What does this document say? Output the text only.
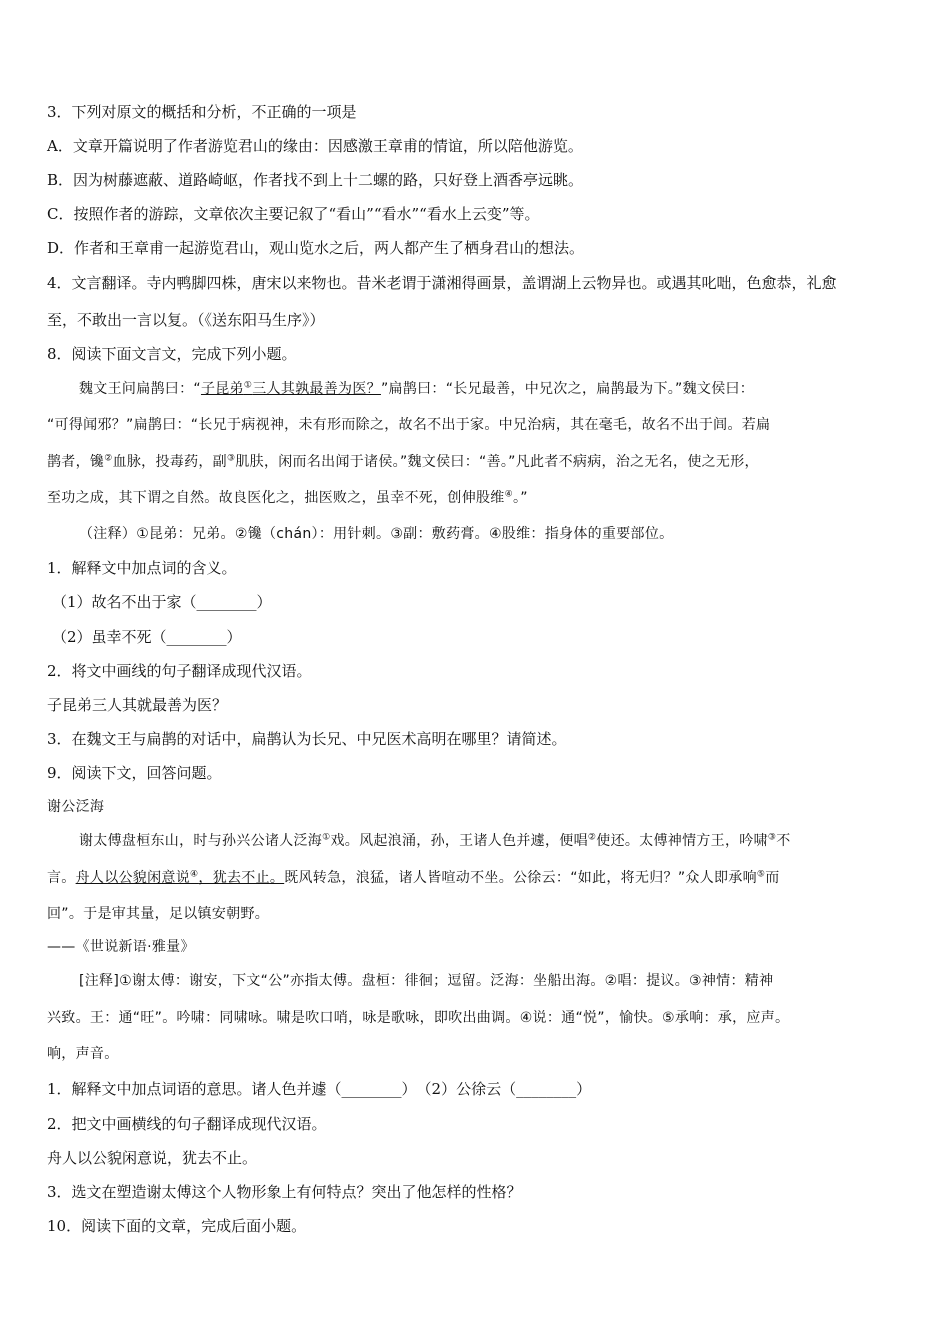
3．下列对原文的概括和分析，不正确的一项是
A．文章开篇说明了作者游览君山的缘由：因感激王章甫的情谊，所以陪他游览。
B．因为树藤遮蔽、道路崎岖，作者找不到上十二螺的路，只好登上酒香亭远眺。
C．按照作者的游踪，文章依次主要记叙了“看山”“看水”“看水上云变”等。
D．作者和王章甫一起游览君山，观山览水之后，两人都产生了栖身君山的想法。
4．文言翻译。寺内鸭脚四株，唐宋以来物也。昔米老谓于潇湘得画景，盖谓湖上云物异也。或遇其叱咄，色愈恭，礼愈
至，不敢出一言以复。（《送东阳马生序》）
8．阅读下面文言文，完成下列小题。
魏文王问扁鹊曰：“子昆弟①三人其孰最善为医？”扁鹊曰：“长兄最善，中兄次之，扁鹊最为下。”魏文侯曰：
“可得闻邪？”扁鹊曰：“长兄于病视神，未有形而除之，故名不出于家。中兄治病，其在毫毛，故名不出于闾。若扁
鹊者，镵②血脉，投毒药，副③肌肤，闲而名出闻于诸侯。”魏文侯曰：“善。”凡此者不病病，治之无名，使之无形，
至功之成，其下谓之自然。故良医化之，拙医败之，虽幸不死，创伸股维④。”
（注释）①昆弟：兄弟。②镵（chán）：用针刺。③副：敷药膏。④股维：指身体的重要部位。
1．解释文中加点词的含义。
（1）故名不出于家（________）
（2）虽幸不死（________）
2．将文中画线的句子翻译成现代汉语。
子昆弟三人其就最善为医？
3．在魏文王与扁鹊的对话中，扁鹊认为长兄、中兄医术高明在哪里？请简述。
9．阅读下文，回答问题。
谢公泛海
谢太傅盘桓东山，时与孙兴公诸人泛海①戏。风起浪涌，孙，王诸人色并遽，便唱②使还。太傅神情方王，吟啸③不
言。舟人以公貌闲意说④，犹去不止。既风转急，浪猛，诸人皆喧动不坐。公徐云：“如此，将无归？”众人即承响⑤而
回”。于是审其量，足以镇安朝野。
——《世说新语·雅量》
[注释]①谢太傅：谢安，下文“公”亦指太傅。盘桓：徘徊；逗留。泛海：坐船出海。②唱：提议。③神情：精神
兴致。王：通“旺”。吟啸：同啸咏。啸是吹口哨，咏是歌咏，即吹出曲调。④说：通“悦”，愉快。⑤承响：承，应声。
响，声音。
1．解释文中加点词语的意思。诸人色并遽（________）　（2）公徐云（________）
2．把文中画横线的句子翻译成现代汉语。
舟人以公貌闲意说，犹去不止。
3．选文在塑造谢太傅这个人物形象上有何特点？突出了他怎样的性格？
10．阅读下面的文章，完成后面小题。
